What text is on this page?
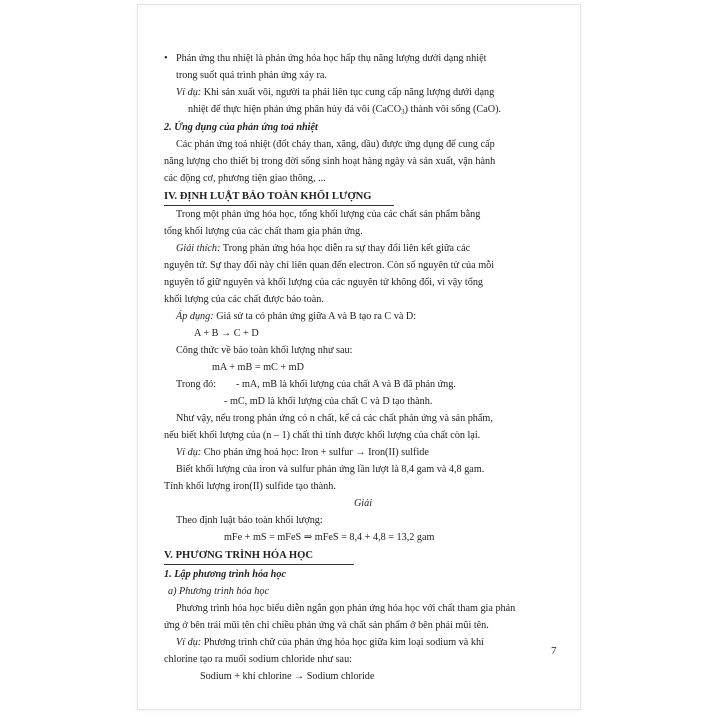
• Phản ứng thu nhiệt là phản ứng hóa học hấp thụ năng lượng dưới dạng nhiệt

trong suốt quá trình phản ứng xảy ra.

Ví dụ: Khi sản xuất vôi, người ta phải liên tục cung cấp năng lượng dưới dạng

nhiệt để thực hiện phản ứng phân hủy đá vôi (CaCO$_3$) thành vôi sống (CaO).

2. Ứng dụng của phản ứng toả nhiệt

Các phản ứng toả nhiệt (đốt cháy than, xăng, dầu) được ứng dụng để cung cấp

năng lượng cho thiết bị trong đời sống sinh hoạt hàng ngày và sản xuất, vận hành

các động cơ, phương tiện giao thông, ...

IV. ĐỊNH LUẬT BẢO TOÀN KHỐI LƯỢNG

Trong một phản ứng hóa học, tổng khối lượng của các chất sản phẩm bằng

tổng khối lượng của các chất tham gia phản ứng.

Giải thích: Trong phản ứng hóa học diễn ra sự thay đổi liên kết giữa các

nguyên tử. Sự thay đổi này chỉ liên quan đến electron. Còn số nguyên tử của mỗi

nguyên tố giữ nguyên và khối lượng của các nguyên tử không đổi, vì vậy tổng

khối lượng của các chất được bảo toàn.

Áp dụng: Giả sử ta có phản ứng giữa A và B tạo ra C và D:

A + B → C + D

Công thức về bảo toàn khối lượng như sau:

mA + mB = mC + mD

Trong đó:	- mA, mB là khối lượng của chất A và B đã phản ứng.

- mC, mD là khối lượng của chất C và D tạo thành.

Như vậy, nếu trong phản ứng có n chất, kể cả các chất phản ứng và sản phẩm,

nếu biết khối lượng của (n – 1) chất thì tính được khối lượng của chất còn lại.

Ví dụ: Cho phản ứng hoá học: Iron + sulfur → Iron(II) sulfide

Biết khối lượng của iron và sulfur phản ứng lần lượt là 8,4 gam và 4,8 gam.

Tính khối lượng iron(II) sulfide tạo thành.

Giải

Theo định luật bảo toàn khối lượng:

mFe + mS = mFeS ⇒ mFeS = 8,4 + 4,8 = 13,2 gam

V. PHƯƠNG TRÌNH HÓA HỌC

1. Lập phương trình hóa học

a) Phương trình hóa học

Phương trình hóa học biểu diễn ngắn gọn phản ứng hóa học với chất tham gia phản

ứng ở bên trái mũi tên chỉ chiều phản ứng và chất sản phẩm ở bên phải mũi tên.

Ví dụ: Phương trình chữ của phản ứng hóa học giữa kim loại sodium và khí

chlorine tạo ra muối sodium chloride như sau:

Sodium + khí chlorine → Sodium chloride

7
